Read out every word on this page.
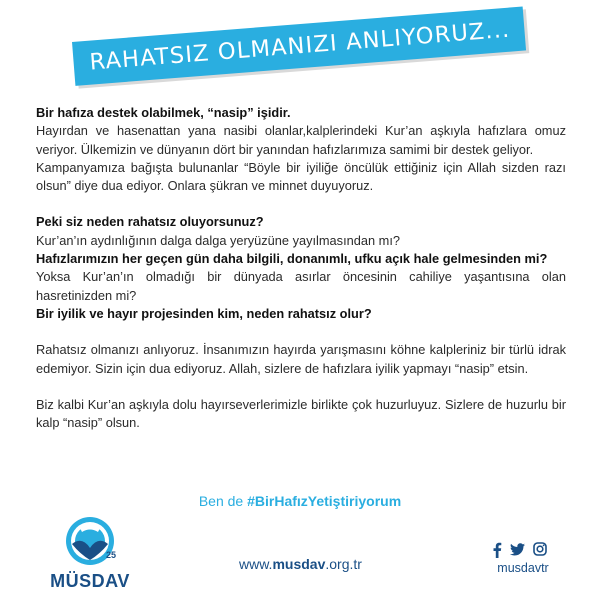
RAHATSIZ OLMANIZI ANLIYORUZ...

Bir hafıza destek olabilmek, “nasip” işidir.

Hayırdan ve hasenattan yana nasibi olanlar,kalplerindeki Kur’an aşkıyla hafızlara omuz veriyor. Ülkemizin ve dünyanın dört bir yanından hafızlarımıza samimi bir destek geliyor.

Kampanyamıza bağışta bulunanlar “Böyle bir iyiliğe öncülük ettiğiniz için Allah sizden razı olsun” diye dua ediyor. Onlara şükran ve minnet duyuyoruz.

Peki siz neden rahatsız oluyorsunuz?

Kur’an’ın aydınlığının dalga dalga yeryüzüne yayılmasından mı?

Hafızlarımızın her geçen gün daha bilgili, donanımlı, ufku açık hale gelmesinden mi?

Yoksa Kur’an’ın olmadığı bir dünyada asırlar öncesinin cahiliye yaşantısına olan hasretinizden mi?

Bir iyilik ve hayır projesinden kim, neden rahatsız olur?

Rahatsız olmanızı anlıyoruz. İnsanımızın hayırda yarışmasını köhne kalpleriniz bir türlü idrak edemiyor. Sizin için dua ediyoruz. Allah, sizlere de hafızlara iyilik yapmayı “nasip” etsin.

Biz kalbi Kur’an aşkıyla dolu hayırseverlerimizle birlikte çok huzurluyuz. Sizlere de huzurlu bir kalp “nasip” olsun.

Ben de #BirHafızYetiştiriyorum
25
MÜSDAV
www.musdav.org.tr	musdavtr
